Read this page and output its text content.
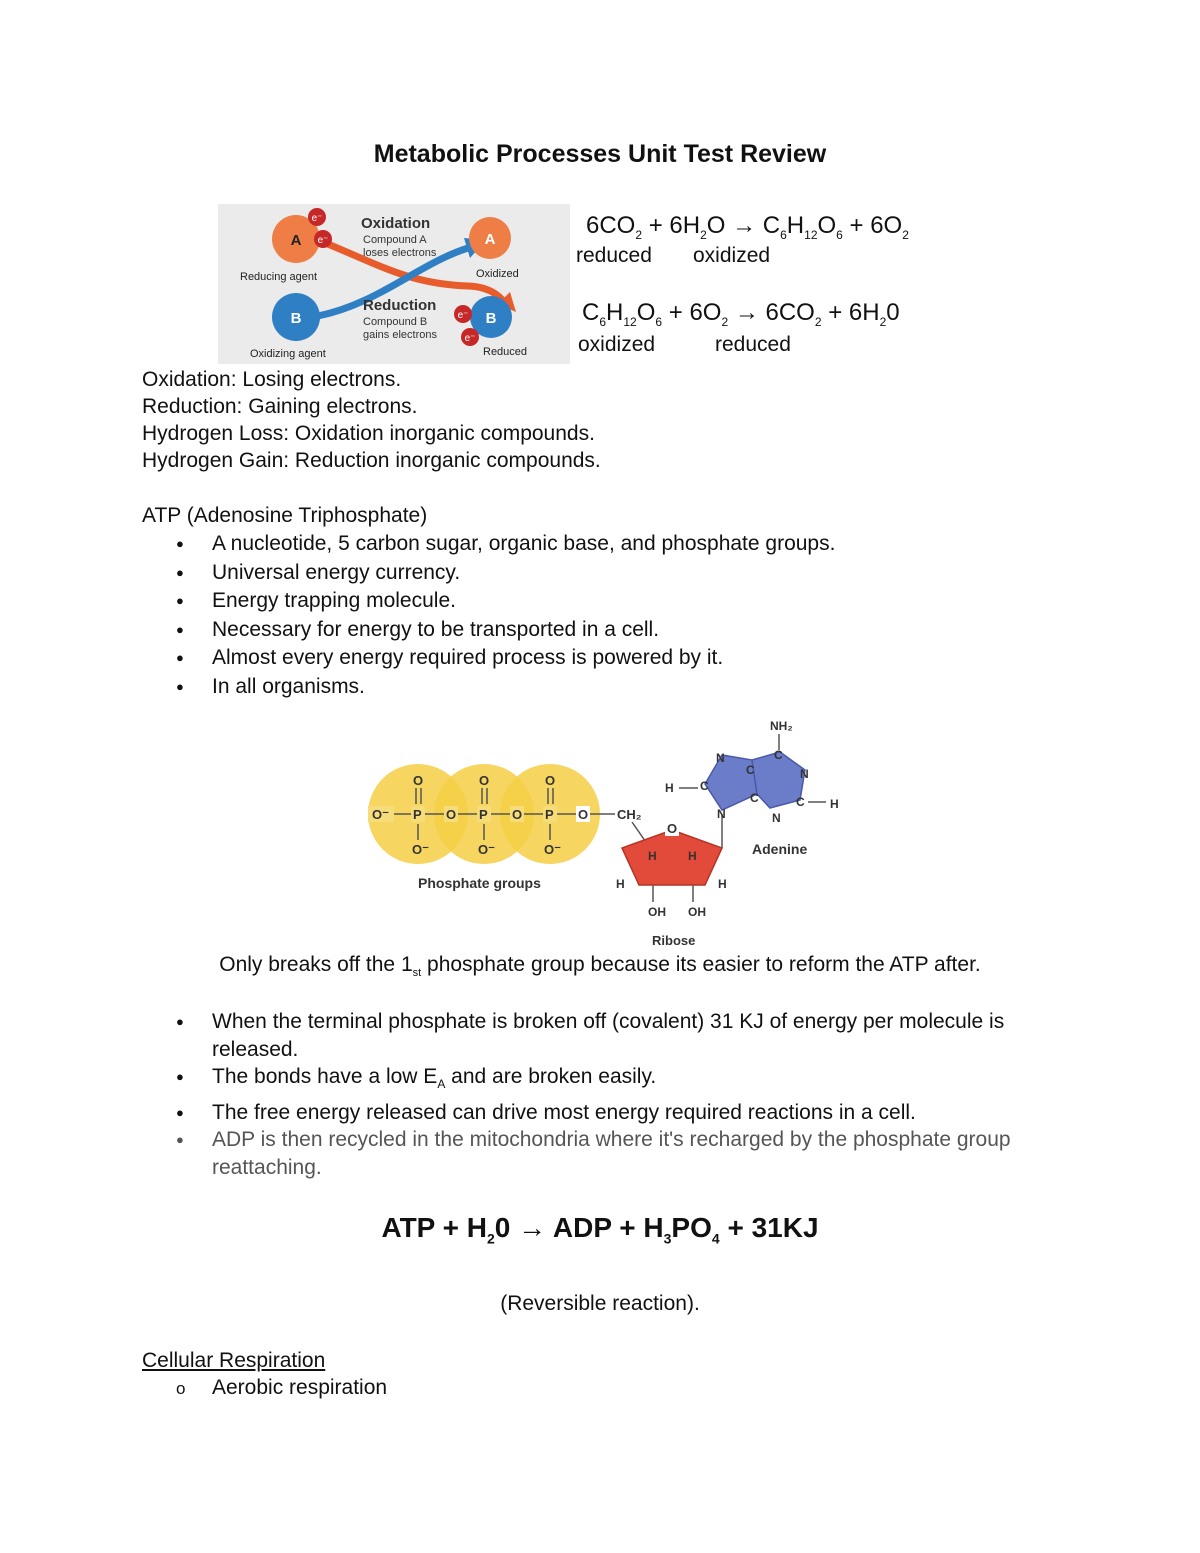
Metabolic Processes Unit Test Review
A
e⁻
e⁻
Reducing agent
B
Oxidizing agent
Oxidation
Compound A
loses electrons
Reduction
Compound B
gains electrons
A
Oxidized
B
e⁻
e⁻
Reduced
$6CO_2 + 6H_2O \to C_6H_{12}O_6 + 6O_2$
reduced oxidized
$C_6H_{12}O_6 + 6O_2 \to 6CO_2 + 6H_20$
oxidized	reduced
Oxidation: Losing electrons.
Reduction: Gaining electrons.
Hydrogen Loss: Oxidation inorganic compounds.
Hydrogen Gain: Reduction inorganic compounds.
ATP (Adenosine Triphosphate)
● A nucleotide, 5 carbon sugar, organic base, and phosphate groups.
● Universal energy currency.
● Energy trapping molecule.
● Necessary for energy to be transported in a cell.
● Almost every energy required process is powered by it.
● In all organisms.
O⁻ P O P O P O
O	O	O
O⁻	O⁻	O⁻
CH₂
Phosphate groups
O
H	H
H	H
OH OH
Ribose
N
C
N
C
C
C
N
C
N
H
H
NH₂
Adenine
Only breaks off the $1_{st}$ phosphate group because its easier to reform the ATP after.
● When the terminal phosphate is broken off (covalent) 31 KJ of energy per molecule is released.
● The bonds have a low $E_A$ and are broken easily.
● The free energy released can drive most energy required reactions in a cell.
● ADP is then recycled in the mitochondria where it's recharged by the phosphate group reattaching.
ATP + $H_20$ → ADP + $H_3PO_4 + 31KJ$
(Reversible reaction).
Cellular Respiration
o Aerobic respiration
